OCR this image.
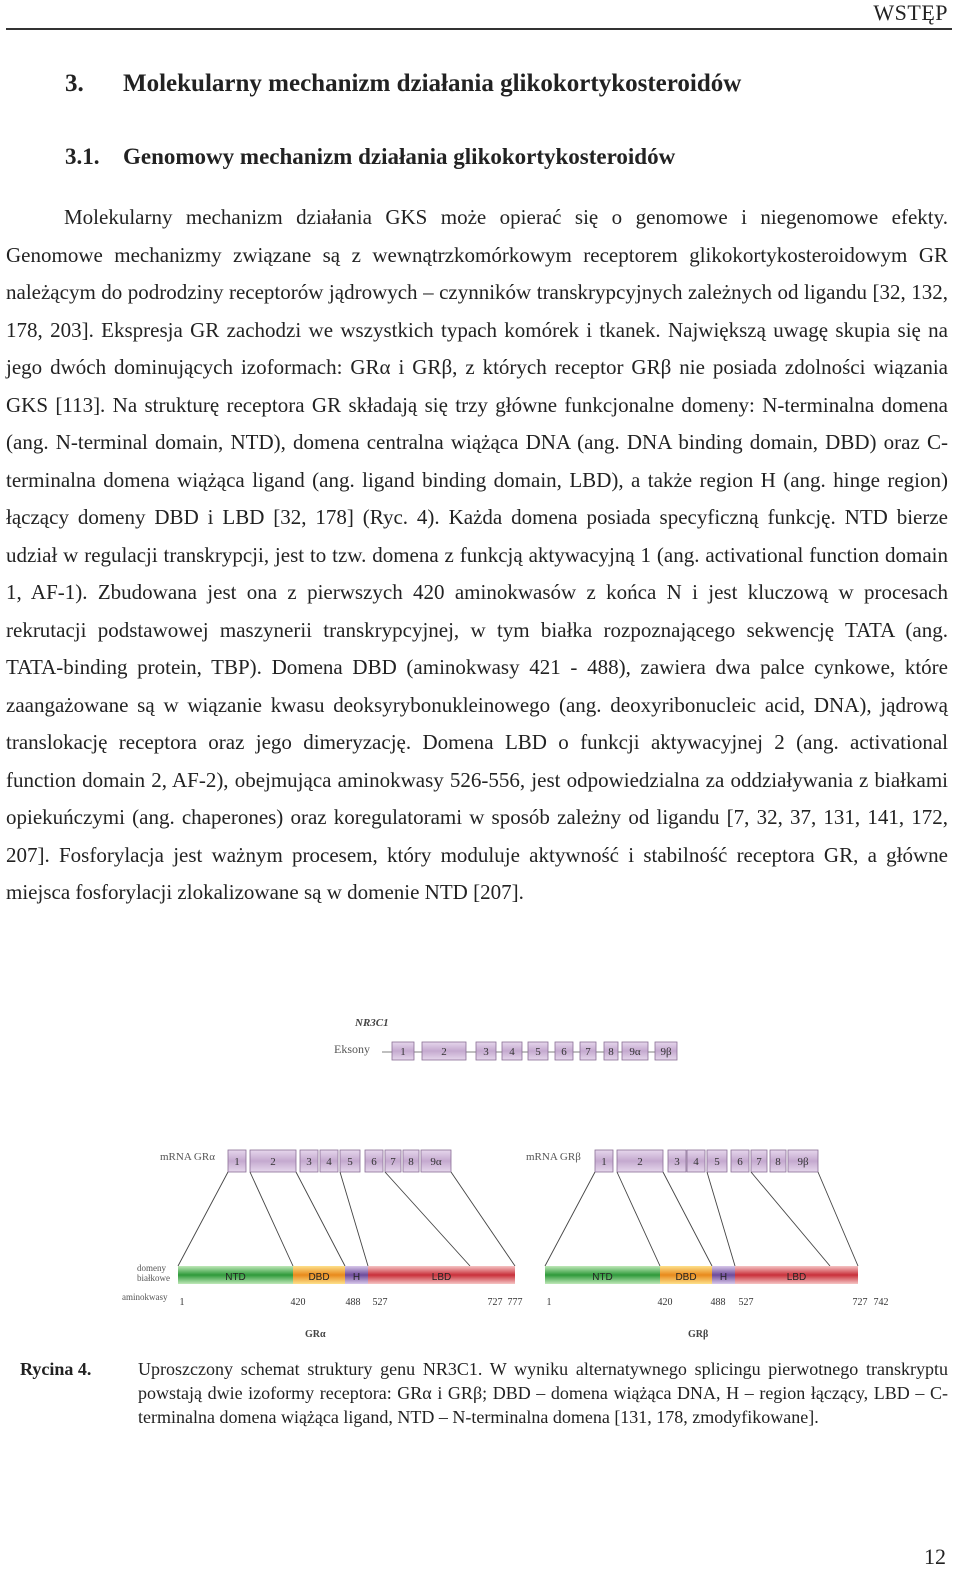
WSTĘP
3. Molekularny mechanizm działania glikokortykosteroidów
3.1. Genomowy mechanizm działania glikokortykosteroidów

Molekularny mechanizm działania GKS może opierać się o genomowe i niegenomowe efekty. Genomowe mechanizmy związane są z wewnątrzkomórkowym receptorem glikokortykosteroidowym GR należącym do podrodziny receptorów jądrowych – czynników transkrypcyjnych zależnych od ligandu [32, 132, 178, 203]. Ekspresja GR zachodzi we wszystkich typach komórek i tkanek. Największą uwagę skupia się na jego dwóch dominujących izoformach: GRα i GRβ, z których receptor GRβ nie posiada zdolności wiązania GKS [113]. Na strukturę receptora GR składają się trzy główne funkcjonalne domeny: N-terminalna domena (ang. N-terminal domain, NTD), domena centralna wiążąca DNA (ang. DNA binding domain, DBD) oraz C-terminalna domena wiążąca ligand (ang. ligand binding domain, LBD), a także region H (ang. hinge region) łączący domeny DBD i LBD [32, 178] (Ryc. 4). Każda domena posiada specyficzną funkcję. NTD bierze udział w regulacji transkrypcji, jest to tzw. domena z funkcją aktywacyjną 1 (ang. activational function domain 1, AF-1). Zbudowana jest ona z pierwszych 420 aminokwasów z końca N i jest kluczową w procesach rekrutacji podstawowej maszynerii transkrypcyjnej, w tym białka rozpoznającego sekwencję TATA (ang. TATA-binding protein, TBP). Domena DBD (aminokwasy 421 - 488), zawiera dwa palce cynkowe, które zaangażowane są w wiązanie kwasu deoksyrybonukleinowego (ang. deoxyribonucleic acid, DNA), jądrową translokację receptora oraz jego dimeryzację. Domena LBD o funkcji aktywacyjnej 2 (ang. activational function domain 2, AF-2), obejmująca aminokwasy 526-556, jest odpowiedzialna za oddziaływania z białkami opiekuńczymi (ang. chaperones) oraz koregulatorami w sposób zależny od ligandu [7, 32, 37, 131, 141, 172, 207]. Fosforylacja jest ważnym procesem, który moduluje aktywność i stabilność receptora GR, a główne miejsca fosforylacji zlokalizowane są w domenie NTD [207].

NR3C1
Eksony	1	2	3 4 5 6 7 8 9α 9β
mRNA GRα 1	2	3 4 5 6 7 8 9α	mRNA GRβ 1	2	3 4 5 6 7 8 9β
domeny białkowe
aminokwasy
NTD	DBD H	LBD	NTD	DBD H	LBD
1	420	488 527	727 777 1	420	488 527	727 742
GRα	GRβ
Rycina 4.	Uproszczony schemat struktury genu NR3C1. W wyniku alternatywnego splicingu pierwotnego transkryptu powstają dwie izoformy receptora: GRα i GRβ; DBD – domena wiążąca DNA, H – region łączący, LBD – C-terminalna domena wiążąca ligand, NTD – N-terminalna domena [131, 178, zmodyfikowane].
12
